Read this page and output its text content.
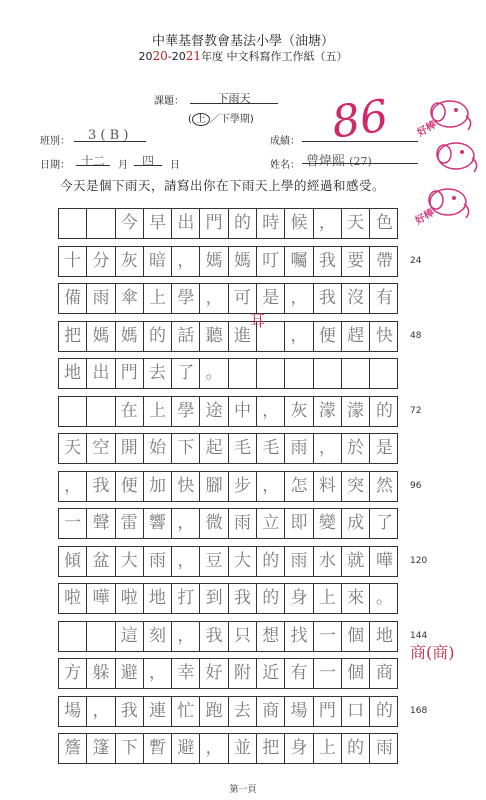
中華基督教會基法小學（油塘）
2020-2021年度 中文科寫作工作紙（五）
課題：	下雨天
( 上 ／下學期)
班別：	3 ( B )	成績：
日期： 十二	月	四	日	姓名： 曾煒熙 (27)
86 好棒
好棒
今天是個下雨天，請寫出你在下雨天上學的經過和感受。
今 早 出 門 的 時 候 ， 天 色
十 分 灰 暗 ， 媽 媽 叮 囑 我 要 帶
備 雨 傘 上 學 ， 可 是 ， 我 沒 有
把 媽 媽 的 話 聽 進	， 便 趕 快
地 出 門 去 了 。
在 上 學 途 中 ， 灰 濛 濛 的
天 空 開 始 下 起 毛 毛 雨 ， 於 是
， 我 便 加 快 腳 步 ， 怎 料 突 然
一 聲 雷 響 ， 微 雨 立 即 變 成 了
傾 盆 大 雨 ， 豆 大 的 雨 水 就 嘩
啦 嘩 啦 地 打 到 我 的 身 上 來 。
這 刻 ， 我 只 想 找 一 個 地
方 躲 避 ， 幸 好 附 近 有 一 個 商
場 ， 我 連 忙 跑 去 商 場 門 口 的
簷 篷 下 暫 避 ， 並 把 身 上 的 雨
24
48
72
96
120
144
168
耳
商(商)
第一頁
